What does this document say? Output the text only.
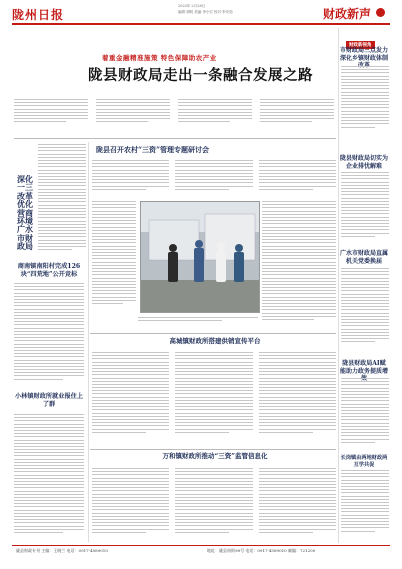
陇州日报
2023年·2月28日
编辑·胡明 美编·李小宏 校对·李安茹	财政新声
着重金融精准施策 特色保障助农产业
陇县财政局走出一条融合发展之路
财政新视角
市财政局三点发力深化乡镇财政体制
陇县财政局切实为企业排忧解难
广水市财政局直属机关党委换届
陇县财政局AI赋能助力政务提质增
长岗镇由两地财政两互学共促
深化一三改革优化营商环境广水市财政局
商南镇南阳村完成126块“四荒地”公开竞标
小林镇财政所就业报住上了群
陇县召开农村“三资”管理专题研讨会
高城镇财政所搭建供销宣传平台
万和镇财政所推动“三资”监管信息化
陇县财政专刊 主编：王晓兰 电话：0917-4589010	地址：陇县南街98号 电话：0917-4589010 邮编：721200
